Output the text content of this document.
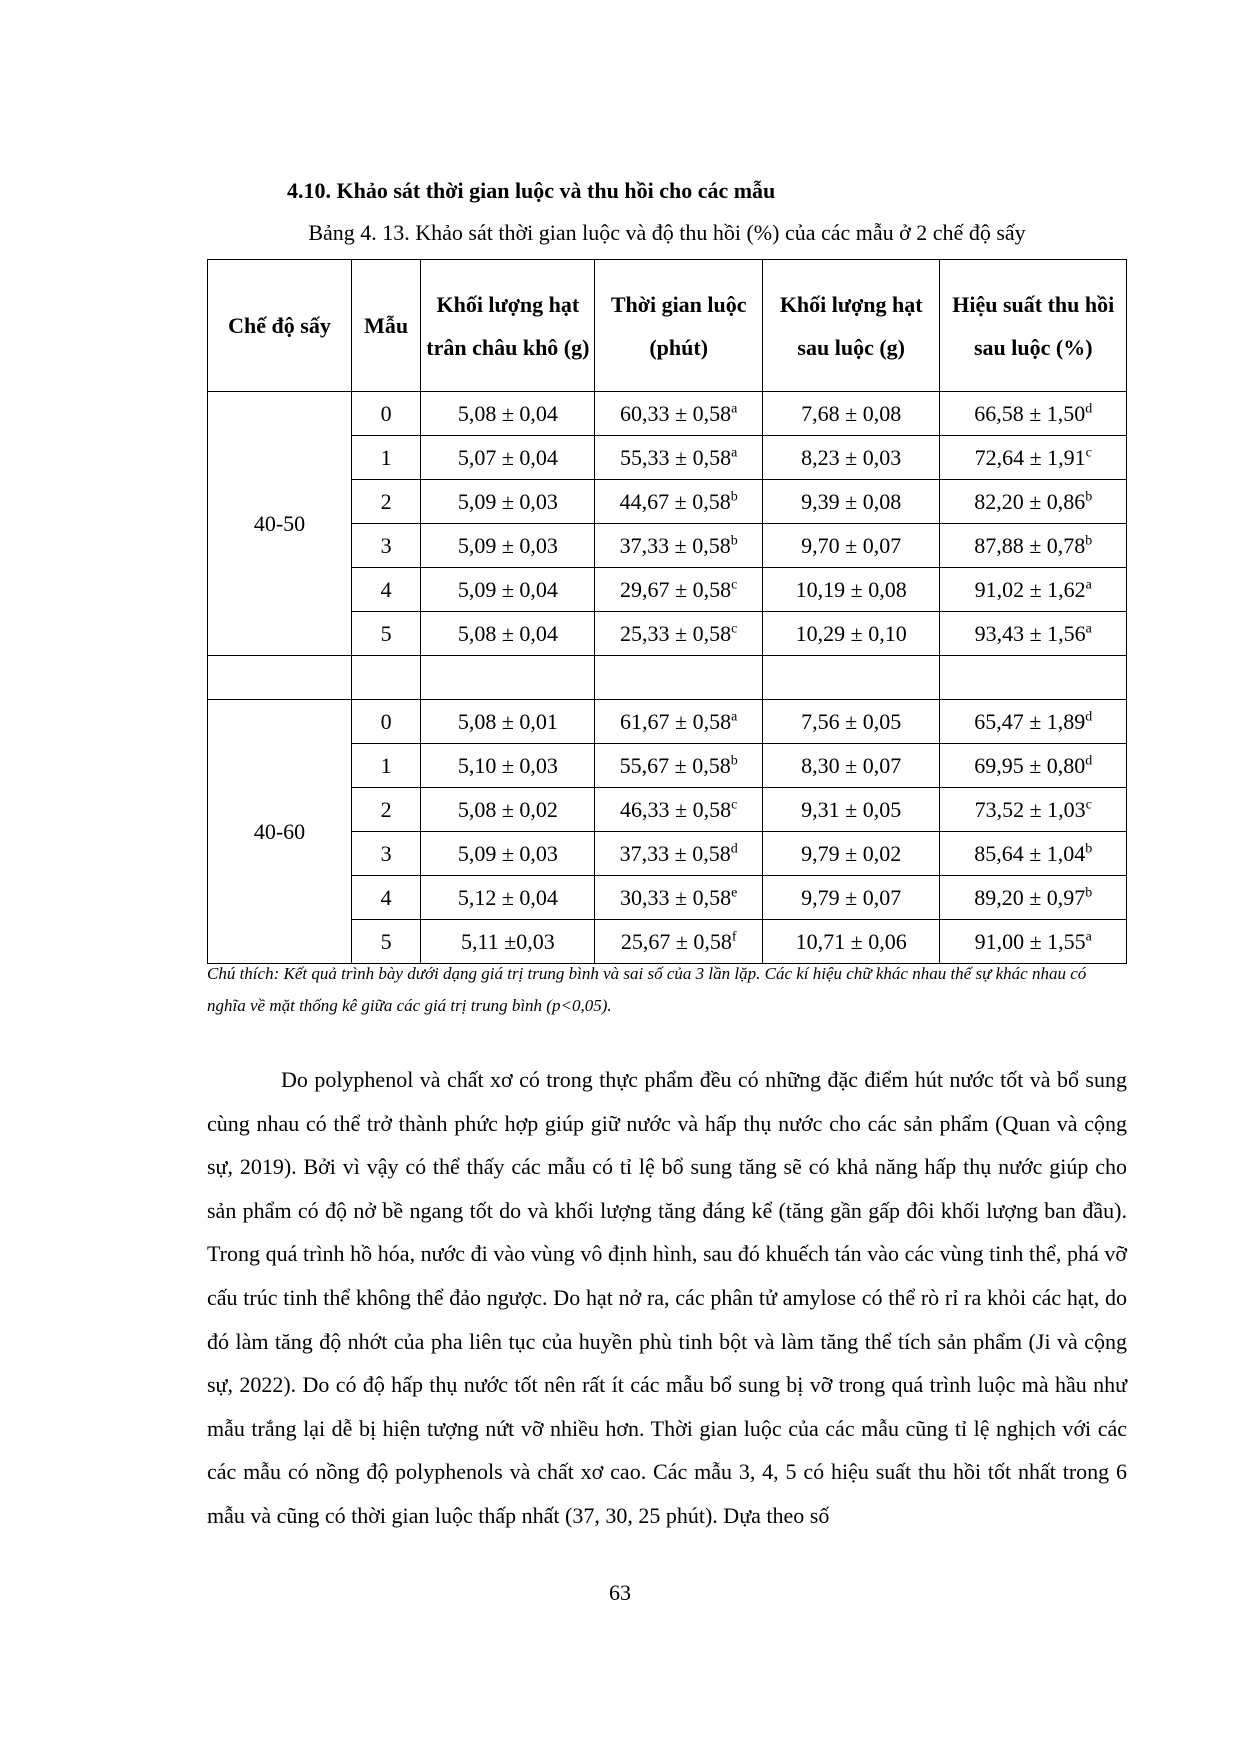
4.10. Khảo sát thời gian luộc và thu hồi cho các mẫu

Bảng 4. 13. Khảo sát thời gian luộc và độ thu hồi (%) của các mẫu ở 2 chế độ sấy

Chế độ sấy	Mẫu	Khối lượng hạt trân châu khô (g)	Thời gian luộc (phút)	Khối lượng hạt sau luộc (g)	Hiệu suất thu hồi sau luộc (%)
40-50	0	5,08 ± 0,04	60,33 ± 0,58$^a$	7,68 ± 0,08	66,58 ± 1,50$^d$
	1	5,07 ± 0,04	55,33 ± 0,58$^a$	8,23 ± 0,03	72,64 ± 1,91$^c$
	2	5,09 ± 0,03	44,67 ± 0,58$^b$	9,39 ± 0,08	82,20 ± 0,86$^b$
	3	5,09 ± 0,03	37,33 ± 0,58$^b$	9,70 ± 0,07	87,88 ± 0,78$^b$
	4	5,09 ± 0,04	29,67 ± 0,58$^c$	10,19 ± 0,08	91,02 ± 1,62$^a$
	5	5,08 ± 0,04	25,33 ± 0,58$^c$	10,29 ± 0,10	93,43 ± 1,56$^a$

40-60	0	5,08 ± 0,01	61,67 ± 0,58$^a$	7,56 ± 0,05	65,47 ± 1,89$^d$
	1	5,10 ± 0,03	55,67 ± 0,58$^b$	8,30 ± 0,07	69,95 ± 0,80$^d$
	2	5,08 ± 0,02	46,33 ± 0,58$^c$	9,31 ± 0,05	73,52 ± 1,03$^c$
	3	5,09 ± 0,03	37,33 ± 0,58$^d$	9,79 ± 0,02	85,64 ± 1,04$^b$
	4	5,12 ± 0,04	30,33 ± 0,58$^e$	9,79 ± 0,07	89,20 ± 0,97$^b$
	5	5,11 ±0,03	25,67 ± 0,58$^f$	10,71 ± 0,06	91,00 ± 1,55$^a$

Chú thích: Kết quả trình bày dưới dạng giá trị trung bình và sai số của 3 lần lặp. Các kí hiệu chữ khác nhau thể sự khác nhau có nghĩa về mặt thống kê giữa các giá trị trung bình (p<0,05).

Do polyphenol và chất xơ có trong thực phẩm đều có những đặc điểm hút nước tốt và bổ sung cùng nhau có thể trở thành phức hợp giúp giữ nước và hấp thụ nước cho các sản phẩm (Quan và cộng sự, 2019). Bởi vì vậy có thể thấy các mẫu có tỉ lệ bổ sung tăng sẽ có khả năng hấp thụ nước giúp cho sản phẩm có độ nở bề ngang tốt do và khối lượng tăng đáng kể (tăng gần gấp đôi khối lượng ban đầu). Trong quá trình hồ hóa, nước đi vào vùng vô định hình, sau đó khuếch tán vào các vùng tinh thể, phá vỡ cấu trúc tinh thể không thể đảo ngược. Do hạt nở ra, các phân tử amylose có thể rò rỉ ra khỏi các hạt, do đó làm tăng độ nhớt của pha liên tục của huyền phù tinh bột và làm tăng thể tích sản phẩm (Ji và cộng sự, 2022). Do có độ hấp thụ nước tốt nên rất ít các mẫu bổ sung bị vỡ trong quá trình luộc mà hầu như mẫu trắng lại dễ bị hiện tượng nứt vỡ nhiều hơn. Thời gian luộc của các mẫu cũng tỉ lệ nghịch với các các mẫu có nồng độ polyphenols và chất xơ cao. Các mẫu 3, 4, 5 có hiệu suất thu hồi tốt nhất trong 6 mẫu và cũng có thời gian luộc thấp nhất (37, 30, 25 phút). Dựa theo số

63
